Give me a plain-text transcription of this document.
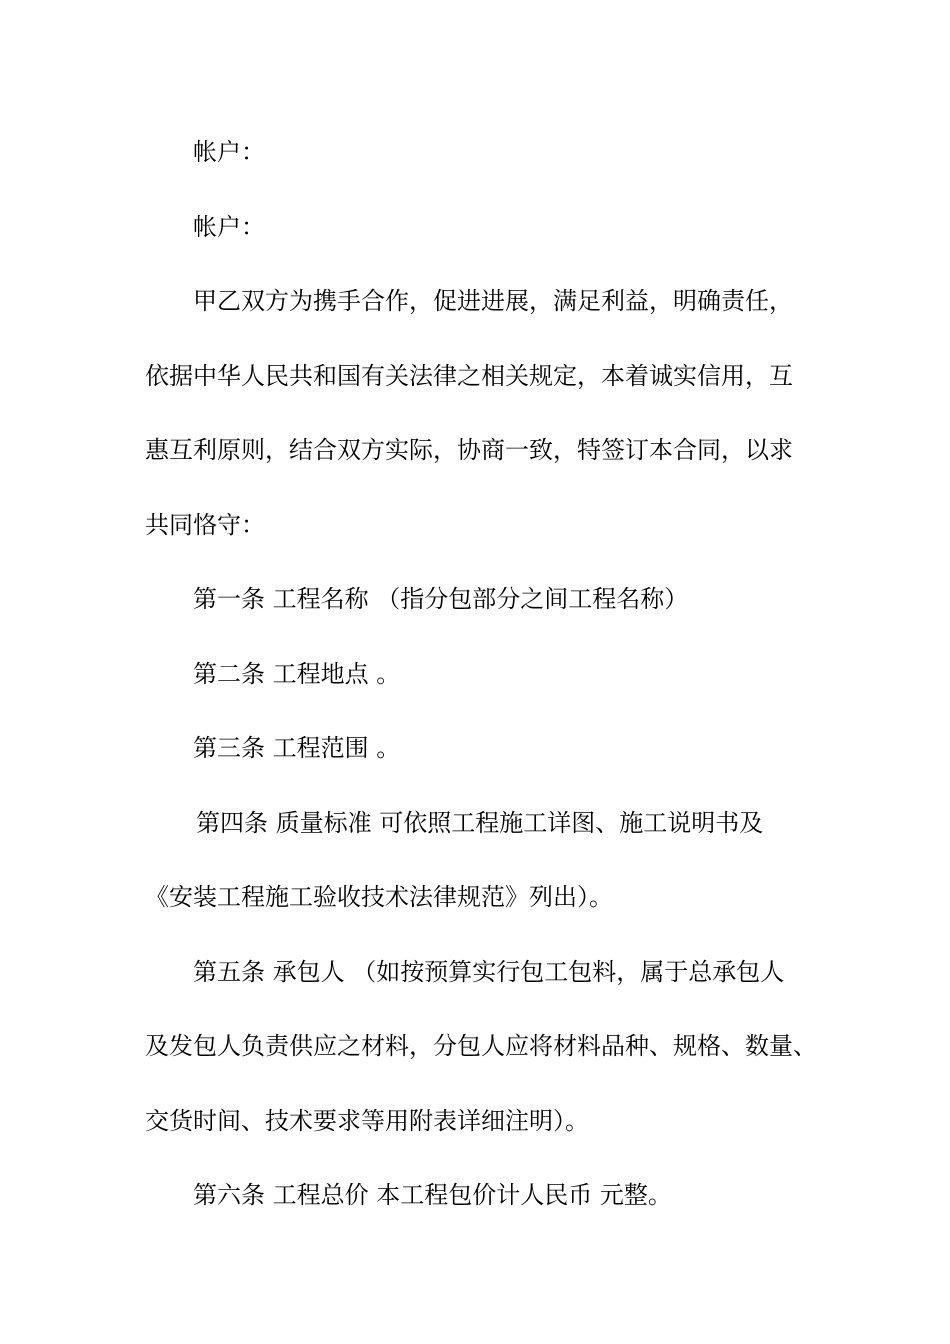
帐户：
帐户：
甲乙双方为携手合作，促进进展，满足利益，明确责任，
依据中华人民共和国有关法律之相关规定，本着诚实信用，互
惠互利原则，结合双方实际，协商一致，特签订本合同，以求
共同恪守：
第一条 工程名称 （指分包部分之间工程名称）
第二条 工程地点 。
第三条 工程范围 。
第四条 质量标准 可依照工程施工详图、施工说明书及
《安装工程施工验收技术法律规范》列出）。
第五条 承包人 （如按预算实行包工包料，属于总承包人
及发包人负责供应之材料，分包人应将材料品种、规格、数量、
交货时间、技术要求等用附表详细注明）。
第六条 工程总价 本工程包价计人民币 元整。
